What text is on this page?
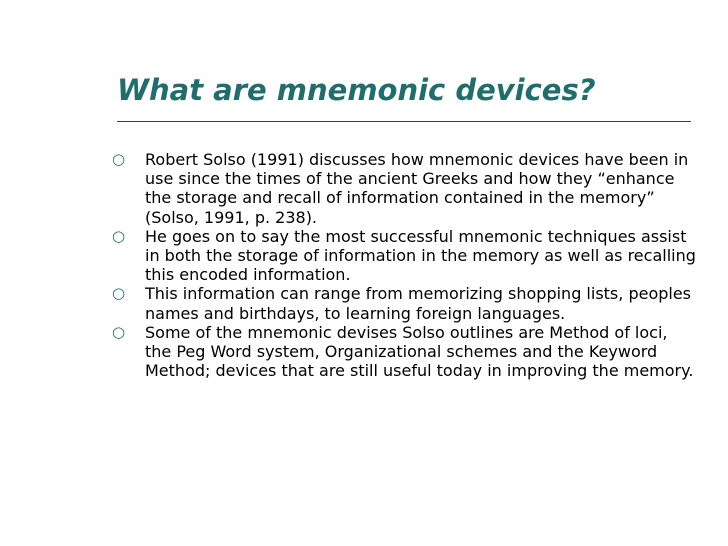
What are mnemonic devices?
○ Robert Solso (1991) discusses how mnemonic devices have been in use since the times of the ancient Greeks and how they “enhance the storage and recall of information contained in the memory” (Solso, 1991, p. 238).
○ He goes on to say the most successful mnemonic techniques assist in both the storage of information in the memory as well as recalling this encoded information.
○ This information can range from memorizing shopping lists, peoples names and birthdays, to learning foreign languages.
○ Some of the mnemonic devises Solso outlines are Method of loci, the Peg Word system, Organizational schemes and the Keyword Method; devices that are still useful today in improving the memory.
